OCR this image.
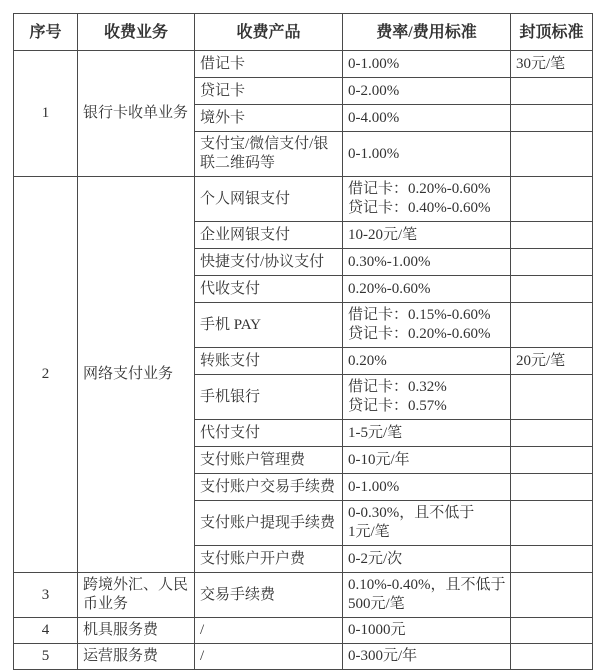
序号	收费业务	收费产品	费率/费用标准	封顶标准
1	银行卡收单业务	借记卡	0-1.00%	30元/笔
		贷记卡	0-2.00%	

		境外卡	0-4.00%	

		支付宝/微信支付/银联二维码等	0-1.00%	

2	网络支付业务	个人网银支付	借记卡：0.20%-0.60%
贷记卡：0.40%-0.60%	

		企业网银支付	10-20元/笔	

		快捷支付/协议支付	0.30%-1.00%	

		代收支付	0.20%-0.60%	

		手机 PAY	借记卡：0.15%-0.60%
贷记卡：0.20%-0.60%	

		转账支付	0.20%	20元/笔
		手机银行	借记卡：0.32%
贷记卡：0.57%	

		代付支付	1-5元/笔	

		支付账户管理费	0-10元/年	

		支付账户交易手续费	0-1.00%	

		支付账户提现手续费	0-0.30%，且不低于
1元/笔	

		支付账户开户费	0-2元/次	

3	跨境外汇、人民币业务	交易手续费	0.10%-0.40%，且不低于
500元/笔	

4	机具服务费	/	0-1000元	

5	运营服务费	/	0-300元/年	
